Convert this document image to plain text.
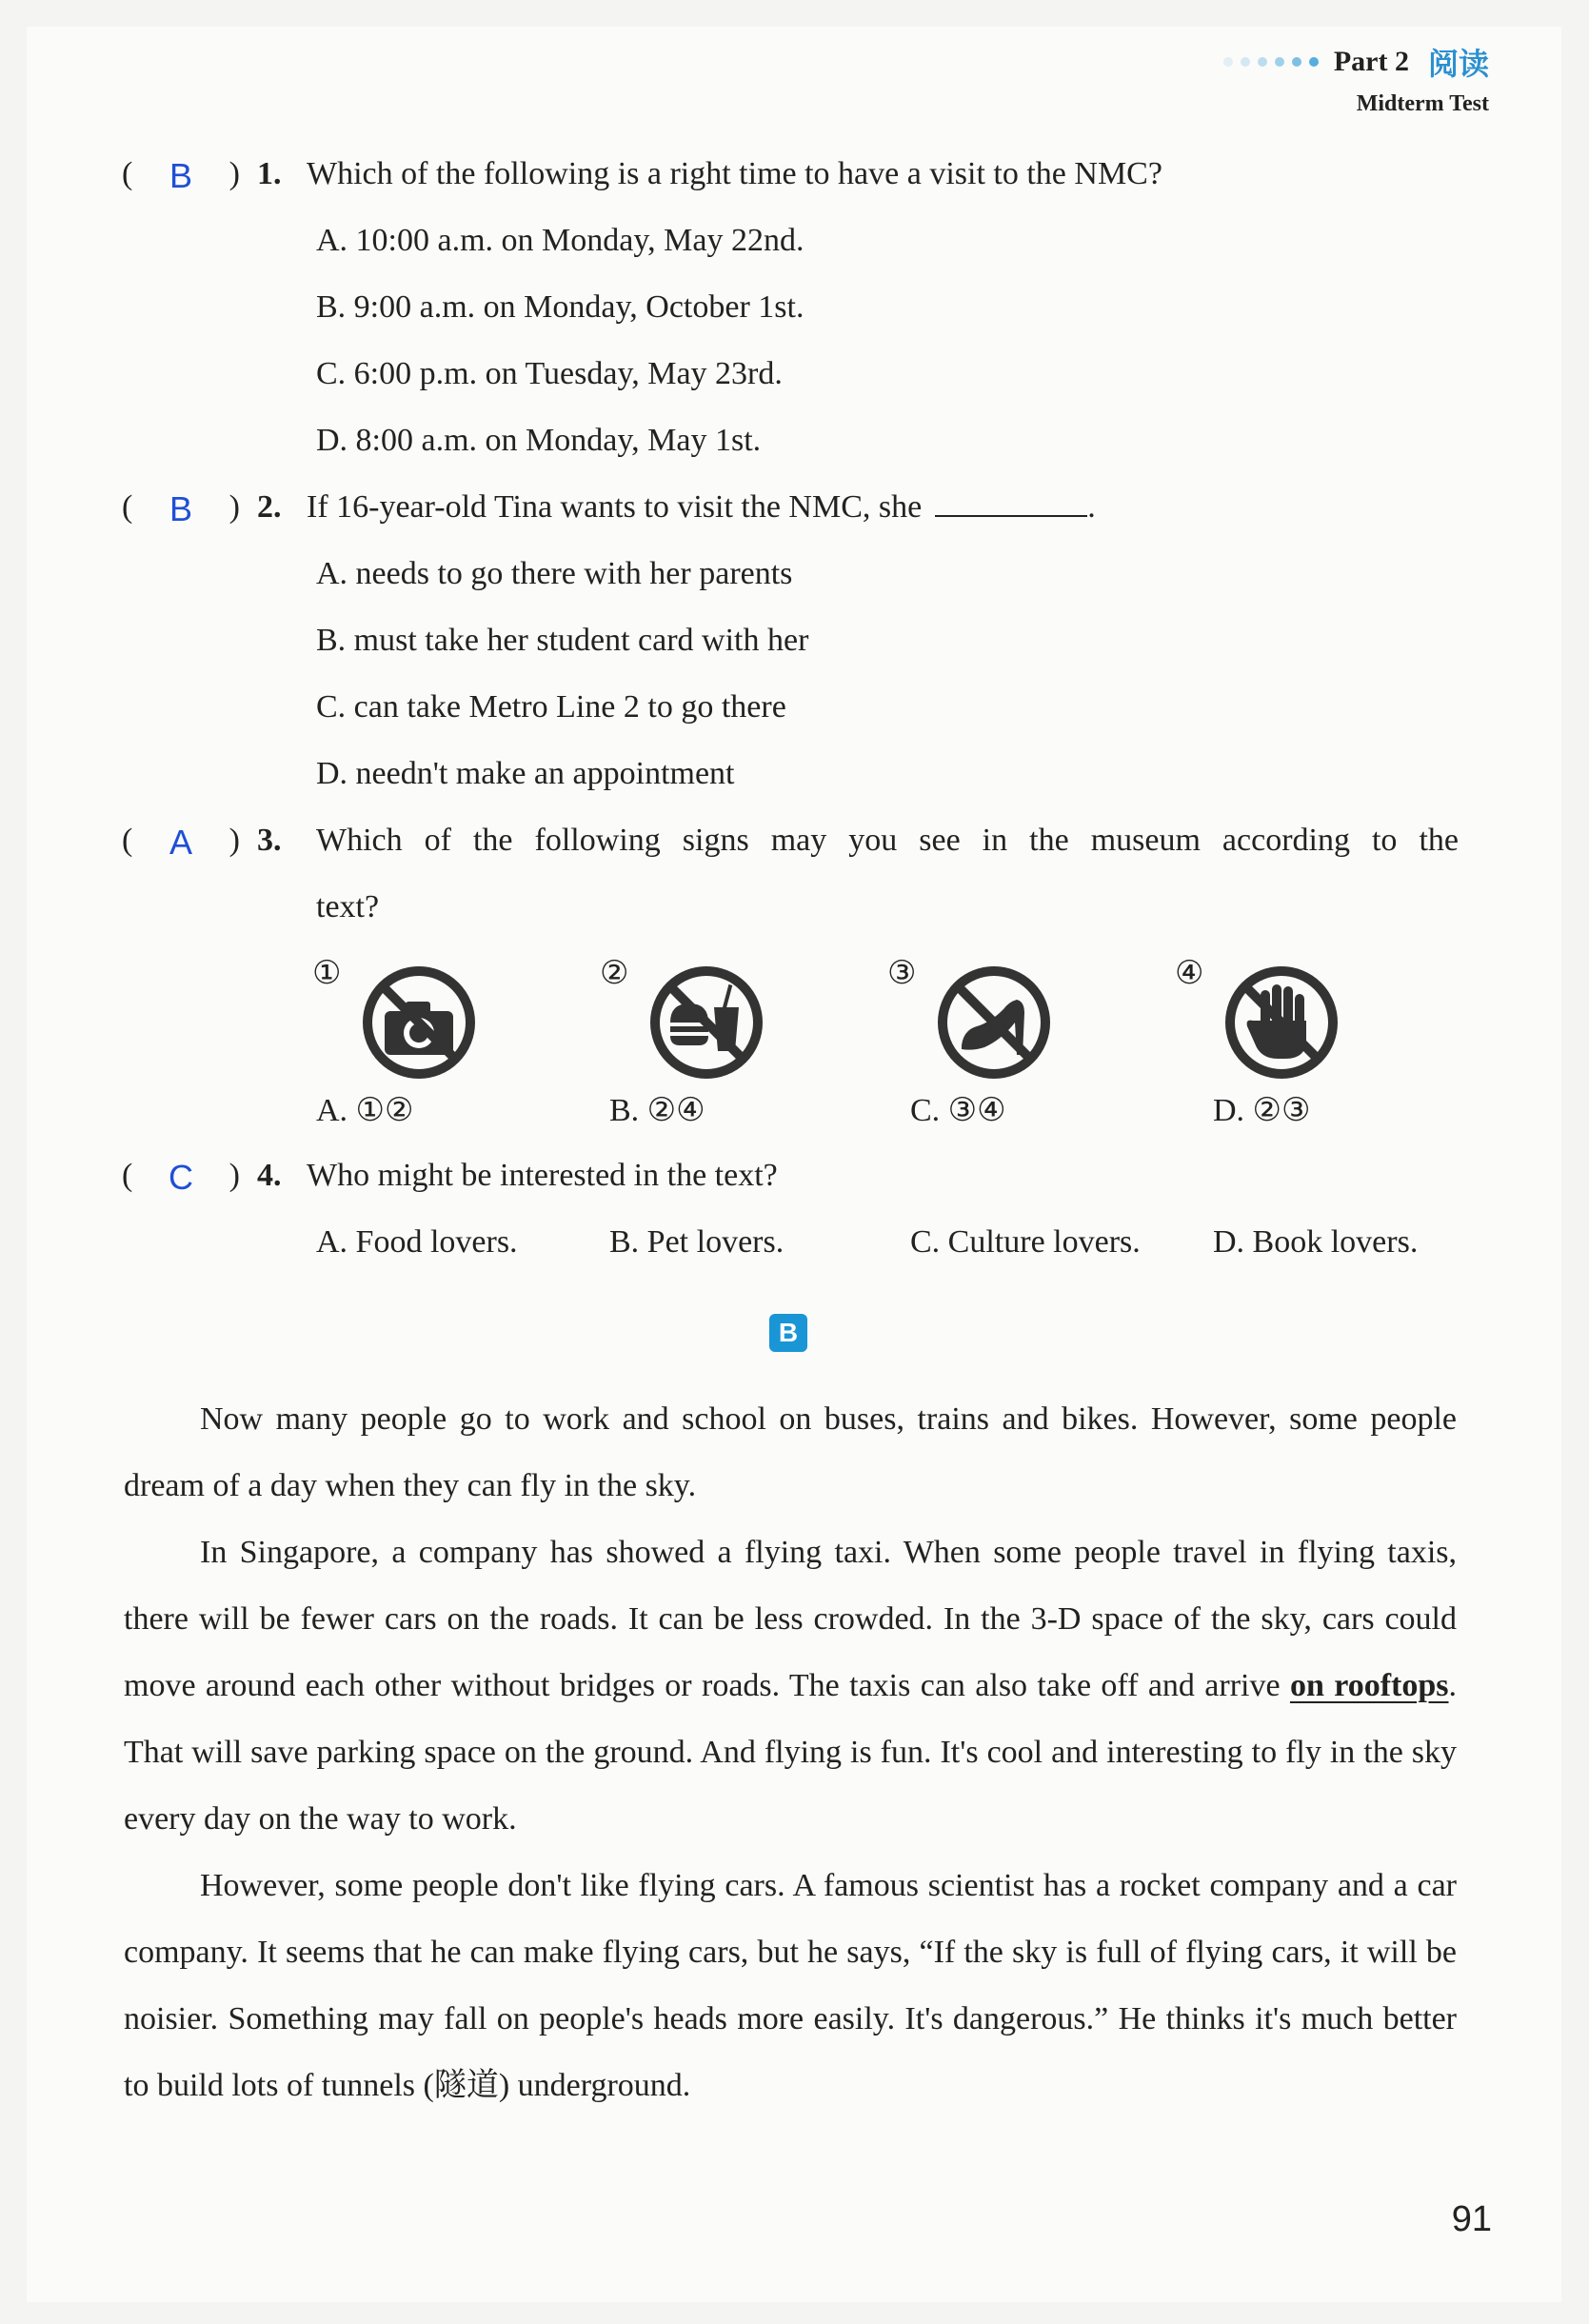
Part 2 阅读
Midterm Test
( B ) 1. Which of the following is a right time to have a visit to the NMC?
A. 10:00 a.m. on Monday, May 22nd.
B. 9:00 a.m. on Monday, October 1st.
C. 6:00 p.m. on Tuesday, May 23rd.
D. 8:00 a.m. on Monday, May 1st.
( B ) 2. If 16-year-old Tina wants to visit the NMC, she	.
A. needs to go there with her parents
B. must take her student card with her
C. can take Metro Line 2 to go there
D. needn't make an appointment
( A ) 3.	Which of the following signs may you see in the museum according to the
text?
①	②	③	④
A. ①②	B. ②④	C. ③④	D. ②③
( C ) 4. Who might be interested in the text?
A. Food lovers.	B. Pet lovers.	C. Culture lovers. D. Book lovers.
B

Now many people go to work and school on buses, trains and bikes. However, some people dream of a day when they can fly in the sky.

In Singapore, a company has showed a flying taxi. When some people travel in flying taxis, there will be fewer cars on the roads. It can be less crowded. In the 3-D space of the sky, cars could move around each other without bridges or roads. The taxis can also take off and arrive on rooftops. That will save parking space on the ground. And flying is fun. It's cool and interesting to fly in the sky every day on the way to work.

However, some people don't like flying cars. A famous scientist has a rocket company and a car company. It seems that he can make flying cars, but he says, “If the sky is full of flying cars, it will be noisier. Something may fall on people's heads more easily. It's dangerous.” He thinks it's much better to build lots of tunnels (隧道) underground.

91
